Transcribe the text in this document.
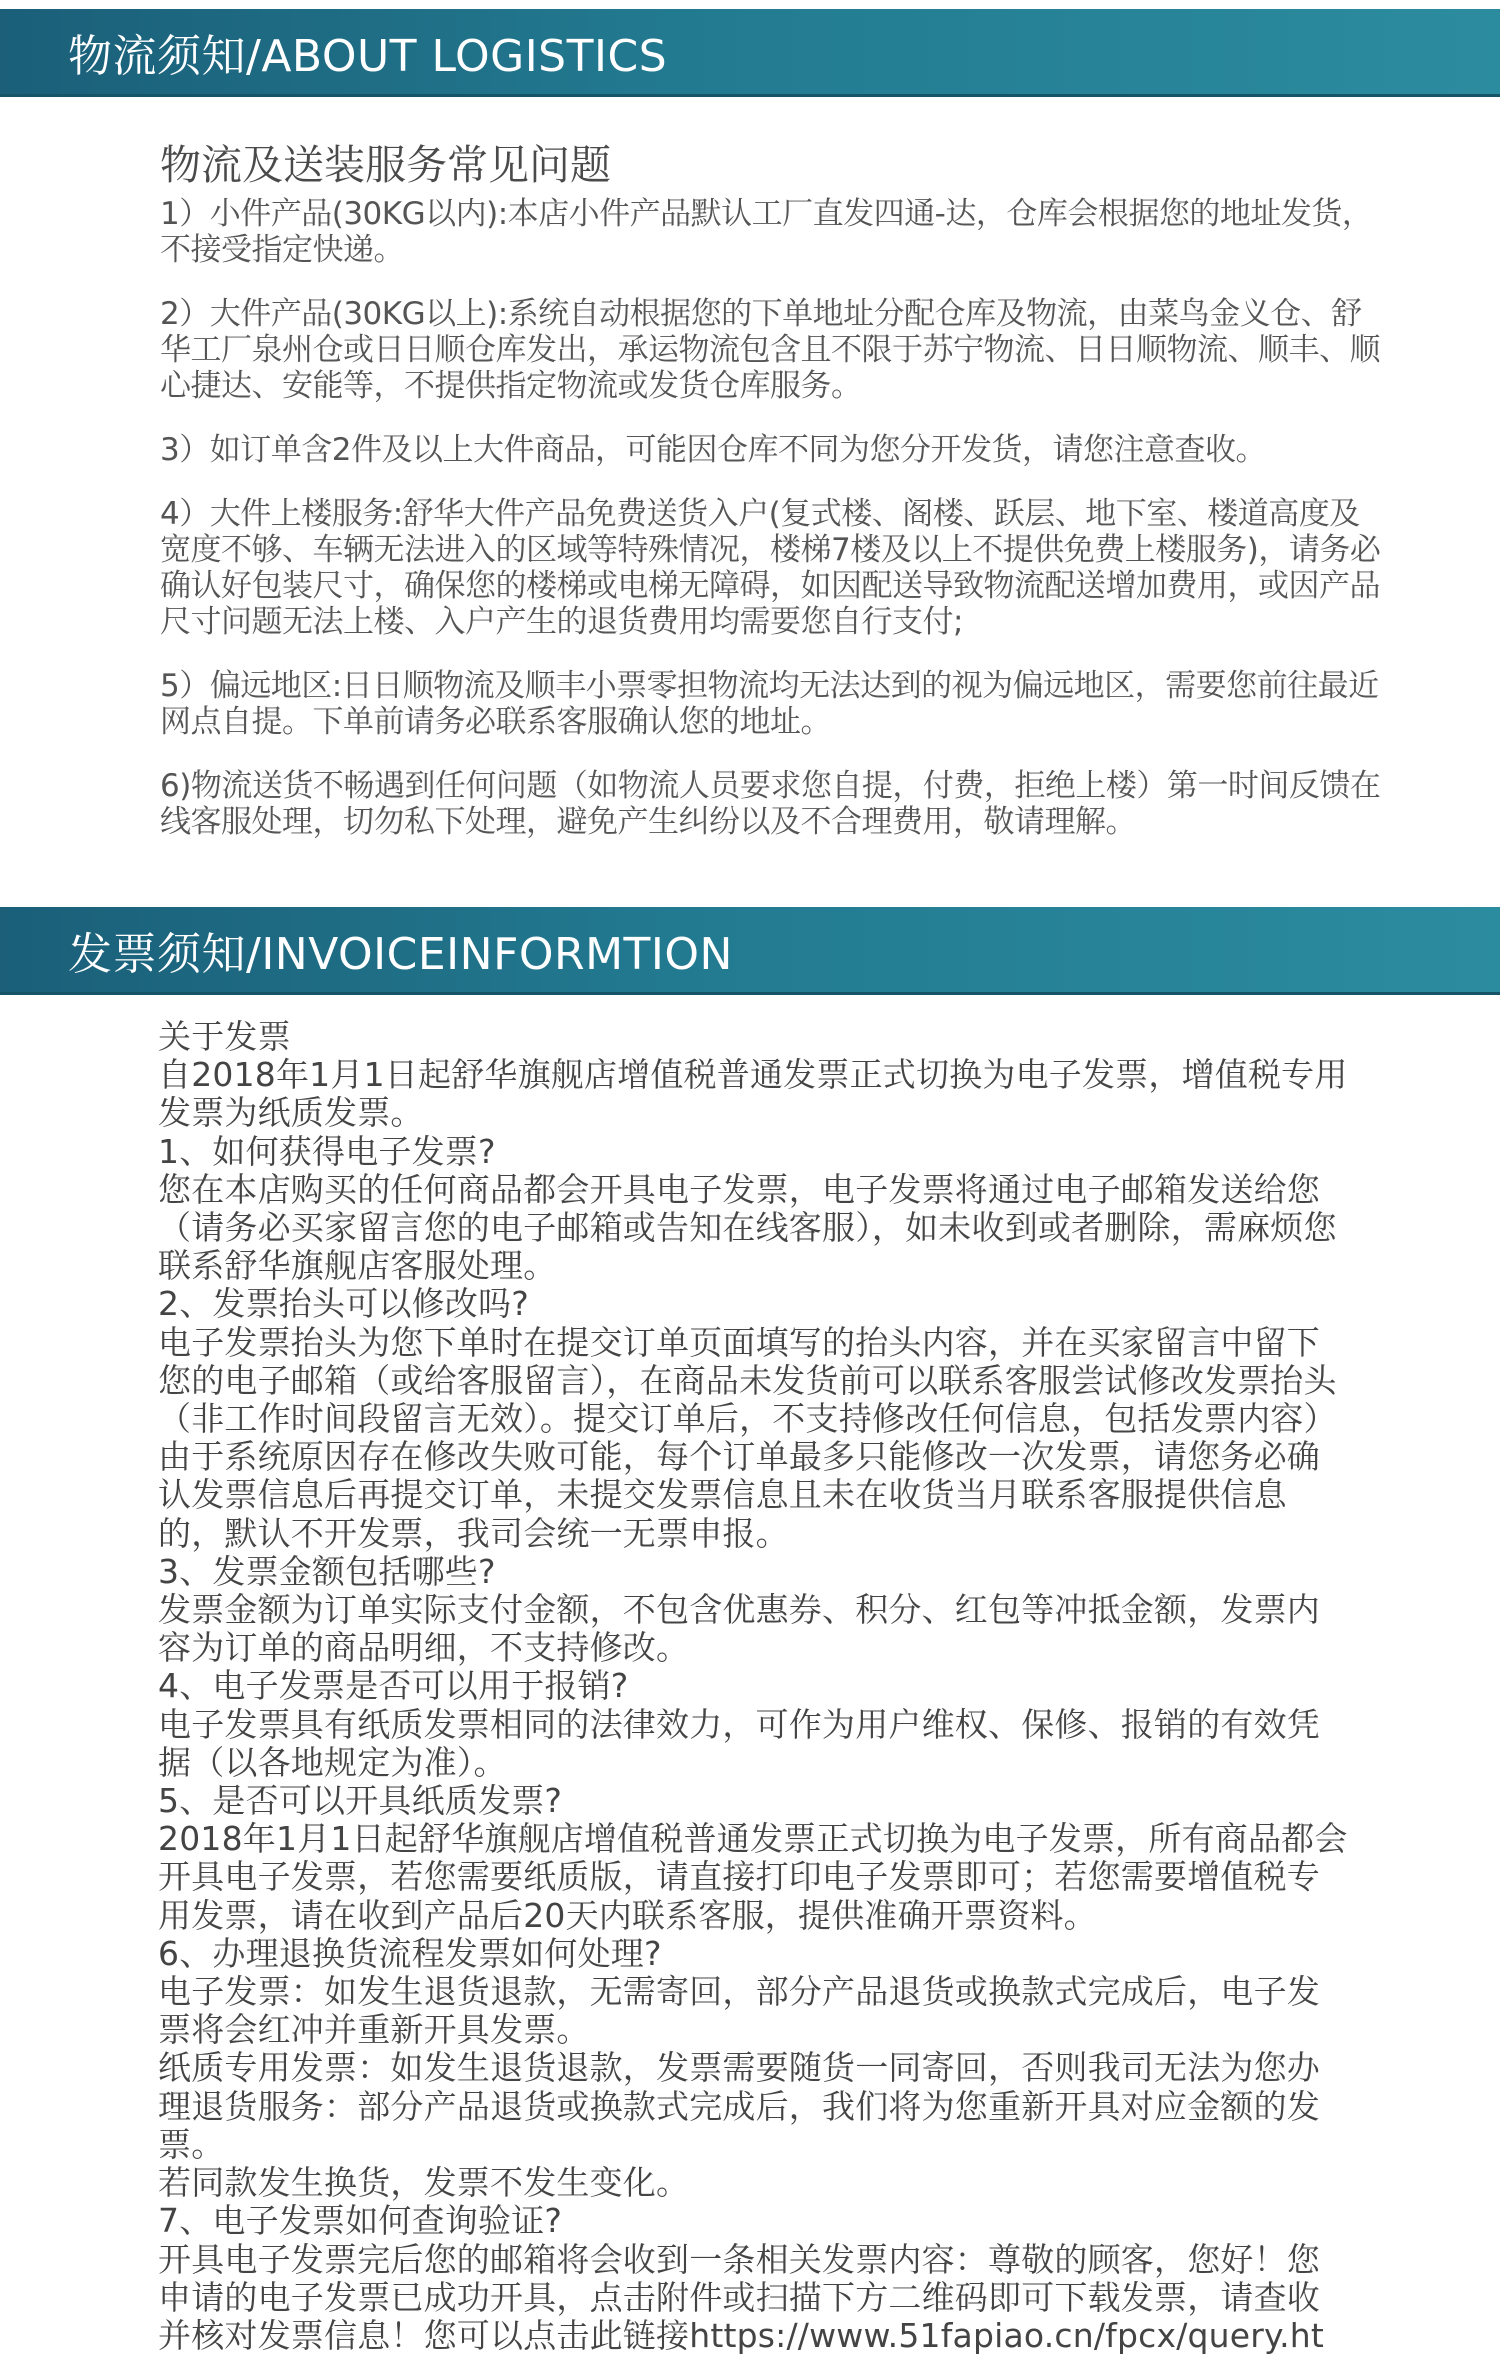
物流须知/ABOUT LOGISTICS
物流及送装服务常见问题
1）小件产品(30KG以内):本店小件产品默认工厂直发四通-达，仓库会根据您的地址发货，不接受指定快递。
2）大件产品(30KG以上):系统自动根据您的下单地址分配仓库及物流，由菜鸟金义仓、舒华工厂泉州仓或日日顺仓库发出，承运物流包含且不限于苏宁物流、日日顺物流、顺丰、顺心捷达、安能等，不提供指定物流或发货仓库服务。
3）如订单含2件及以上大件商品，可能因仓库不同为您分开发货，请您注意查收。
4）大件上楼服务:舒华大件产品免费送货入户(复式楼、阁楼、跃层、地下室、楼道高度及宽度不够、车辆无法进入的区域等特殊情况，楼梯7楼及以上不提供免费上楼服务)，请务必确认好包装尺寸，确保您的楼梯或电梯无障碍，如因配送导致物流配送增加费用，或因产品尺寸问题无法上楼、入户产生的退货费用均需要您自行支付;
5）偏远地区:日日顺物流及顺丰小票零担物流均无法达到的视为偏远地区，需要您前往最近网点自提。下单前请务必联系客服确认您的地址。
6)物流送货不畅遇到任何问题（如物流人员要求您自提，付费，拒绝上楼）第一时间反馈在线客服处理，切勿私下处理，避免产生纠纷以及不合理费用，敬请理解。
发票须知/INVOICEINFORMTION

关于发票

自2018年1月1日起舒华旗舰店增值税普通发票正式切换为电子发票，增值税专用发票为纸质发票。

1、如何获得电子发票?

您在本店购买的任何商品都会开具电子发票，电子发票将通过电子邮箱发送给您（请务必买家留言您的电子邮箱或告知在线客服），如未收到或者删除，需麻烦您联系舒华旗舰店客服处理。

2、发票抬头可以修改吗?

电子发票抬头为您下单时在提交订单页面填写的抬头内容，并在买家留言中留下您的电子邮箱（或给客服留言），在商品未发货前可以联系客服尝试修改发票抬头（非工作时间段留言无效）。提交订单后，不支持修改任何信息，包括发票内容）由于系统原因存在修改失败可能，每个订单最多只能修改一次发票，请您务必确认发票信息后再提交订单，未提交发票信息且未在收货当月联系客服提供信息的，默认不开发票，我司会统一无票申报。

3、发票金额包括哪些?

发票金额为订单实际支付金额，不包含优惠券、积分、红包等冲抵金额，发票内容为订单的商品明细，不支持修改。

4、电子发票是否可以用于报销?

电子发票具有纸质发票相同的法律效力，可作为用户维权、保修、报销的有效凭据（以各地规定为准）。

5、是否可以开具纸质发票?

2018年1月1日起舒华旗舰店增值税普通发票正式切换为电子发票，所有商品都会开具电子发票，若您需要纸质版，请直接打印电子发票即可；若您需要增值税专用发票，请在收到产品后20天内联系客服，提供准确开票资料。

6、办理退换货流程发票如何处理?

电子发票：如发生退货退款，无需寄回，部分产品退货或换款式完成后，电子发票将会红冲并重新开具发票。

纸质专用发票：如发生退货退款，发票需要随货一同寄回，否则我司无法为您办理退货服务：部分产品退货或换款式完成后，我们将为您重新开具对应金额的发票。

若同款发生换货，发票不发生变化。

7、电子发票如何查询验证?

开具电子发票完后您的邮箱将会收到一条相关发票内容：尊敬的顾客，您好！您申请的电子发票已成功开具，点击附件或扫描下方二维码即可下载发票，请查收并核对发票信息！您可以点击此链接https://www.51fapiao.cn/fpcx/query.ht
